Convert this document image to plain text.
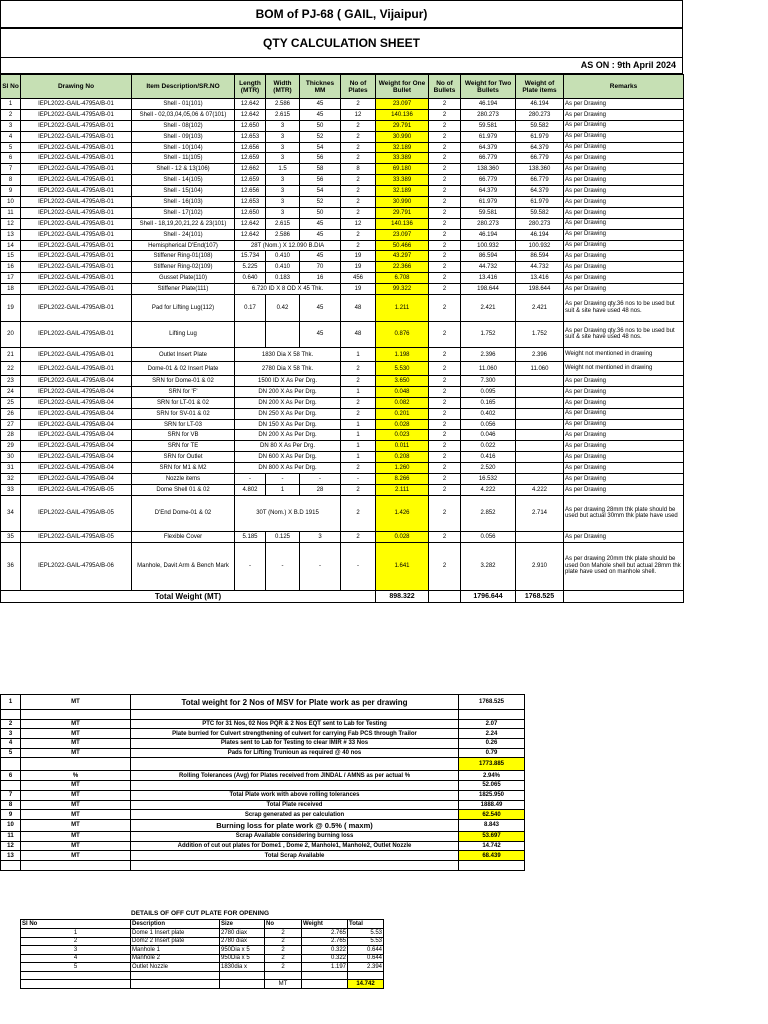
BOM of PJ-68 ( GAIL, Vijaipur)
QTY CALCULATION SHEET
AS ON : 9th April 2024
Sl No	Drawing No	Item Description/SR.NO	Length (MTR)	Width (MTR)	Thicknes MM	No of Plates	Weight for One Bullet	No of Bullets	Weight for Two Bullets	Weight of Plate items	Remarks
1	IEPL2022-GAIL-4795A/B-01	Shell - 01(101)	12.642	2.586	45	2	23.097	2	46.194	46.194	As per Drawing
2	IEPL2022-GAIL-4795A/B-01	Shell - 02,03,04,05,06 & 07(101)	12.642	2.615	45	12	140.136	2	280.273	280.273	As per Drawing
3	IEPL2022-GAIL-4795A/B-01	Shell - 08(102)	12.650	3	50	2	29.791	2	59.581	59.582	As per Drawing
4	IEPL2022-GAIL-4795A/B-01	Shell - 09(103)	12.653	3	52	2	30.990	2	61.979	61.979	As per Drawing
5	IEPL2022-GAIL-4795A/B-01	Shell - 10(104)	12.656	3	54	2	32.189	2	64.379	64.379	As per Drawing
6	IEPL2022-GAIL-4795A/B-01	Shell - 11(105)	12.659	3	56	2	33.389	2	66.779	66.779	As per Drawing
7	IEPL2022-GAIL-4795A/B-01	Shell - 12 & 13(106)	12.662	1.5	58	8	69.180	2	138.360	138.360	As per Drawing
8	IEPL2022-GAIL-4795A/B-01	Shell - 14(105)	12.659	3	56	2	33.389	2	66.779	66.779	As per Drawing
9	IEPL2022-GAIL-4795A/B-01	Shell - 15(104)	12.656	3	54	2	32.189	2	64.379	64.379	As per Drawing
10	IEPL2022-GAIL-4795A/B-01	Shell - 16(103)	12.653	3	52	2	30.990	2	61.979	61.979	As per Drawing
11	IEPL2022-GAIL-4795A/B-01	Shell - 17(102)	12.650	3	50	2	29.791	2	59.581	59.582	As per Drawing
12	IEPL2022-GAIL-4795A/B-01	Shell - 18,19,20,21,22 & 23(101)	12.642	2.615	45	12	140.136	2	280.273	280.273	As per Drawing
13	IEPL2022-GAIL-4795A/B-01	Shell - 24(101)	12.642	2.586	45	2	23.097	2	46.194	46.194	As per Drawing
14	IEPL2022-GAIL-4795A/B-01	Hemispherical D'End(107)	28T (Nom.) X 12.090 B.DIA			2	50.466	2	100.932	100.932	As per Drawing
15	IEPL2022-GAIL-4795A/B-01	Stiffener Ring-01(108)	15.734	0.410	45	19	43.297	2	86.594	86.594	As per Drawing
16	IEPL2022-GAIL-4795A/B-01	Stiffener Ring-02(109)	5.225	0.410	70	19	22.366	2	44.732	44.732	As per Drawing
17	IEPL2022-GAIL-4795A/B-01	Gusset Plate(110)	0.640	0.183	16	456	6.708	2	13.416	13.416	As per Drawing
18	IEPL2022-GAIL-4795A/B-01	Stiffener Plate(111)	6.720 ID X 8 OD X 45 Thk.			19	99.322	2	198.644	198.644	As per Drawing
19	IEPL2022-GAIL-4795A/B-01	Pad for Lifting Lug(112)	0.17	0.42	45	48	1.211	2	2.421	2.421	As per Drawing qty.36 nos to be used but suit & site have used 48 nos.
20	IEPL2022-GAIL-4795A/B-01	Lifting Lug			45	48	0.876	2	1.752	1.752	As per Drawing qty.36 nos to be used but suit & site have used 48 nos.
21	IEPL2022-GAIL-4795A/B-01	Outlet Insert Plate	1830 Dia X 58 Thk.			1	1.198	2	2.396	2.396	Weight not mentioned in drawing
22	IEPL2022-GAIL-4795A/B-01	Dome-01 & 02 Insert Plate	2780 Dia X 58 Thk.			2	5.530	2	11.060	11.060	Weight not mentioned in drawing
23	IEPL2022-GAIL-4795A/B-04	SRN for Dome-01 & 02	1500 ID X As Per Drg.			2	3.650	2	7.300		As per Drawing
24	IEPL2022-GAIL-4795A/B-04	SRN for 'F'	DN 200 X As Per Drg.			1	0.048	2	0.095		As per Drawing
25	IEPL2022-GAIL-4795A/B-04	SRN for LT-01 & 02	DN 200 X As Per Drg.			2	0.082	2	0.165		As per Drawing
26	IEPL2022-GAIL-4795A/B-04	SRN for SV-01 & 02	DN 250 X As Per Drg.			2	0.201	2	0.402		As per Drawing
27	IEPL2022-GAIL-4795A/B-04	SRN for LT-03	DN 150 X As Per Drg.			1	0.028	2	0.056		As per Drawing
28	IEPL2022-GAIL-4795A/B-04	SRN for VB	DN 200 X As Per Drg.			1	0.023	2	0.046		As per Drawing
29	IEPL2022-GAIL-4795A/B-04	SRN for TE	DN 80 X As Per Drg.			1	0.011	2	0.022		As per Drawing
30	IEPL2022-GAIL-4795A/B-04	SRN for Outlet	DN 600 X As Per Drg.			1	0.208	2	0.416		As per Drawing
31	IEPL2022-GAIL-4795A/B-04	SRN for M1 & M2	DN 800 X As Per Drg.			2	1.260	2	2.520		As per Drawing
32	IEPL2022-GAIL-4795A/B-04	Nozzle items	-	-	-	-	8.266	2	16.532		As per Drawing
33	IEPL2022-GAIL-4795A/B-05	Dome Shell 01 & 02	4.802	1	28	2	2.111	2	4.222	4.222	As per Drawing
34	IEPL2022-GAIL-4795A/B-05	D'End Dome-01 & 02	30T (Nom.) X B.D 1915			2	1.426	2	2.852	2.714	As per drawing 28mm thk plate should be used but actual 30mm thk plate have used
35	IEPL2022-GAIL-4795A/B-05	Flexible Cover	5.185	0.125	3	2	0.028	2	0.056		As per Drawing
36	IEPL2022-GAIL-4795A/B-06	Manhole, Davit Arm & Bench Mark	-	-	-	-	1.641	2	3.282	2.910	As per drawing 20mm thk plate should be used 0on Mahole shell but actual 28mm thk plate have used on manhole shell.
Total Weight (MT)							898.322		1796.644	1768.525	
1	MT	Total weight for 2 Nos of MSV for Plate work as per drawing	1768.525

2	MT	PTC for 31 Nos, 02 Nos PQR & 2 Nos EQT sent to Lab for Testing	2.07
3	MT	Plate burried for Culvert strengthening of culvert for carrying Fab PCS through Trailor	2.24
4	MT	Plates sent to Lab for Testing to clear IMIR # 33 Nos	0.26
5	MT	Pads for Lifting Trunioun as required @ 40 nos	0.79
			1773.885
6	%	Rolling Tolerances (Avg) for Plates received from JINDAL / AMNS as per actual %	2.94%
	MT		52.065
7	MT	Total Plate work with above rolling tolerances	1825.950
8	MT	Total Plate received	1888.49
9	MT	Scrap generated as per calculation	62.540
10	MT	Burning loss for plate work @ 0.5% ( maxm)	8.843
11	MT	Scrap Available considering burning loss	53.697
12	MT	Addition of cut out plates for Dome1 , Dome 2, Manhole1, Manhole2, Outlet Nozzle	14.742
13	MT	Total Scrap Available	68.439

DETAILS OF OFF CUT PLATE FOR OPENING
Sl No	Description	Size	No	Weight	Total
1	Dome 1 Insert plate	2780 diax	2	2.765	5.53
2	Dom2 2 Insert plate	2780 diax	2	2.765	5.53
3	Manhole 1	950Dia x 5	2	0.322	0.644
4	Manhole 2	950Dia x 5	2	0.322	0.644
5	Outlet Nozzle	1830dia x	2	1.197	2.394

			MT		14.742
